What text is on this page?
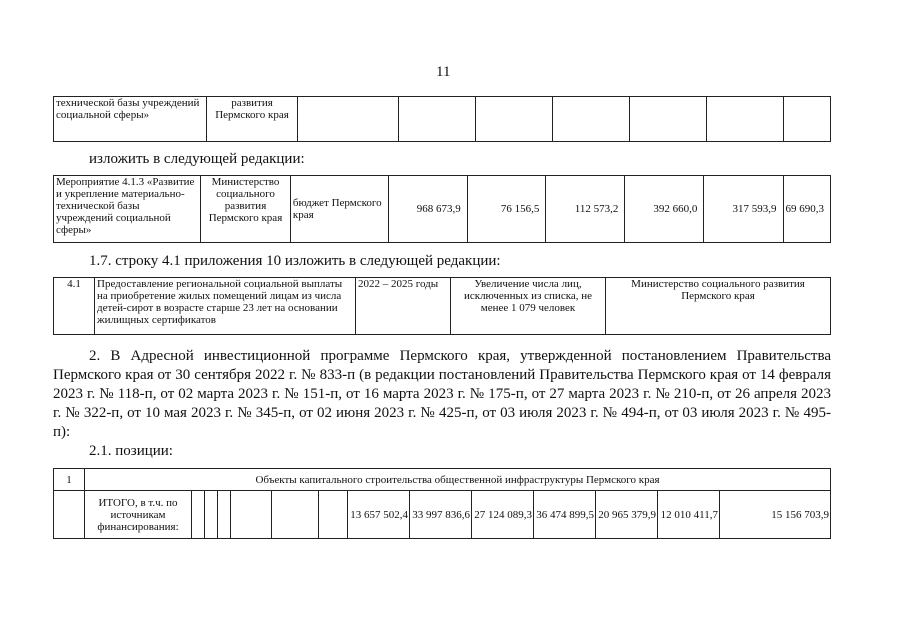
11
технической базы учреждений социальной сферы»	развития Пермского края							
изложить в следующей редакции:
Мероприятие 4.1.3 «Развитие и укрепление материально-технической базы учреждений социальной сферы»	Министерство социального развития Пермского края	бюджет Пермского края	968 673,9	76 156,5	112 573,2	392 660,0	317 593,9	69 690,3
1.7. строку 4.1 приложения 10 изложить в следующей редакции:
4.1	Предоставление региональной социальной выплаты на приобретение жилых помещений лицам из числа детей-сирот в возрасте старше 23 лет на основании жилищных сертификатов	2022 – 2025 годы	Увеличение числа лиц, исключенных из списка, не менее 1 079 человек	Министерство социального развития Пермского края
2. В Адресной инвестиционной программе Пермского края, утвержденной постановлением Правительства Пермского края от 30 сентября 2022 г. № 833-п (в редакции постановлений Правительства Пермского края от 14 февраля 2023 г. № 118-п, от 02 марта 2023 г. № 151-п, от 16 марта 2023 г. № 175-п, от 27 марта 2023 г. № 210-п, от 26 апреля 2023 г. № 322-п, от 10 мая 2023 г. № 345-п, от 02 июня 2023 г. № 425-п, от 03 июля 2023 г. № 494-п, от 03 июля 2023 г. № 495-п):
2.1. позиции:
1	Объекты капитального строительства общественной инфраструктуры Пермского края													
	ИТОГО, в т.ч. по источникам финансирования:							13 657 502,4	33 997 836,6	27 124 089,3	36 474 899,5	20 965 379,9	12 010 411,7	15 156 703,9
